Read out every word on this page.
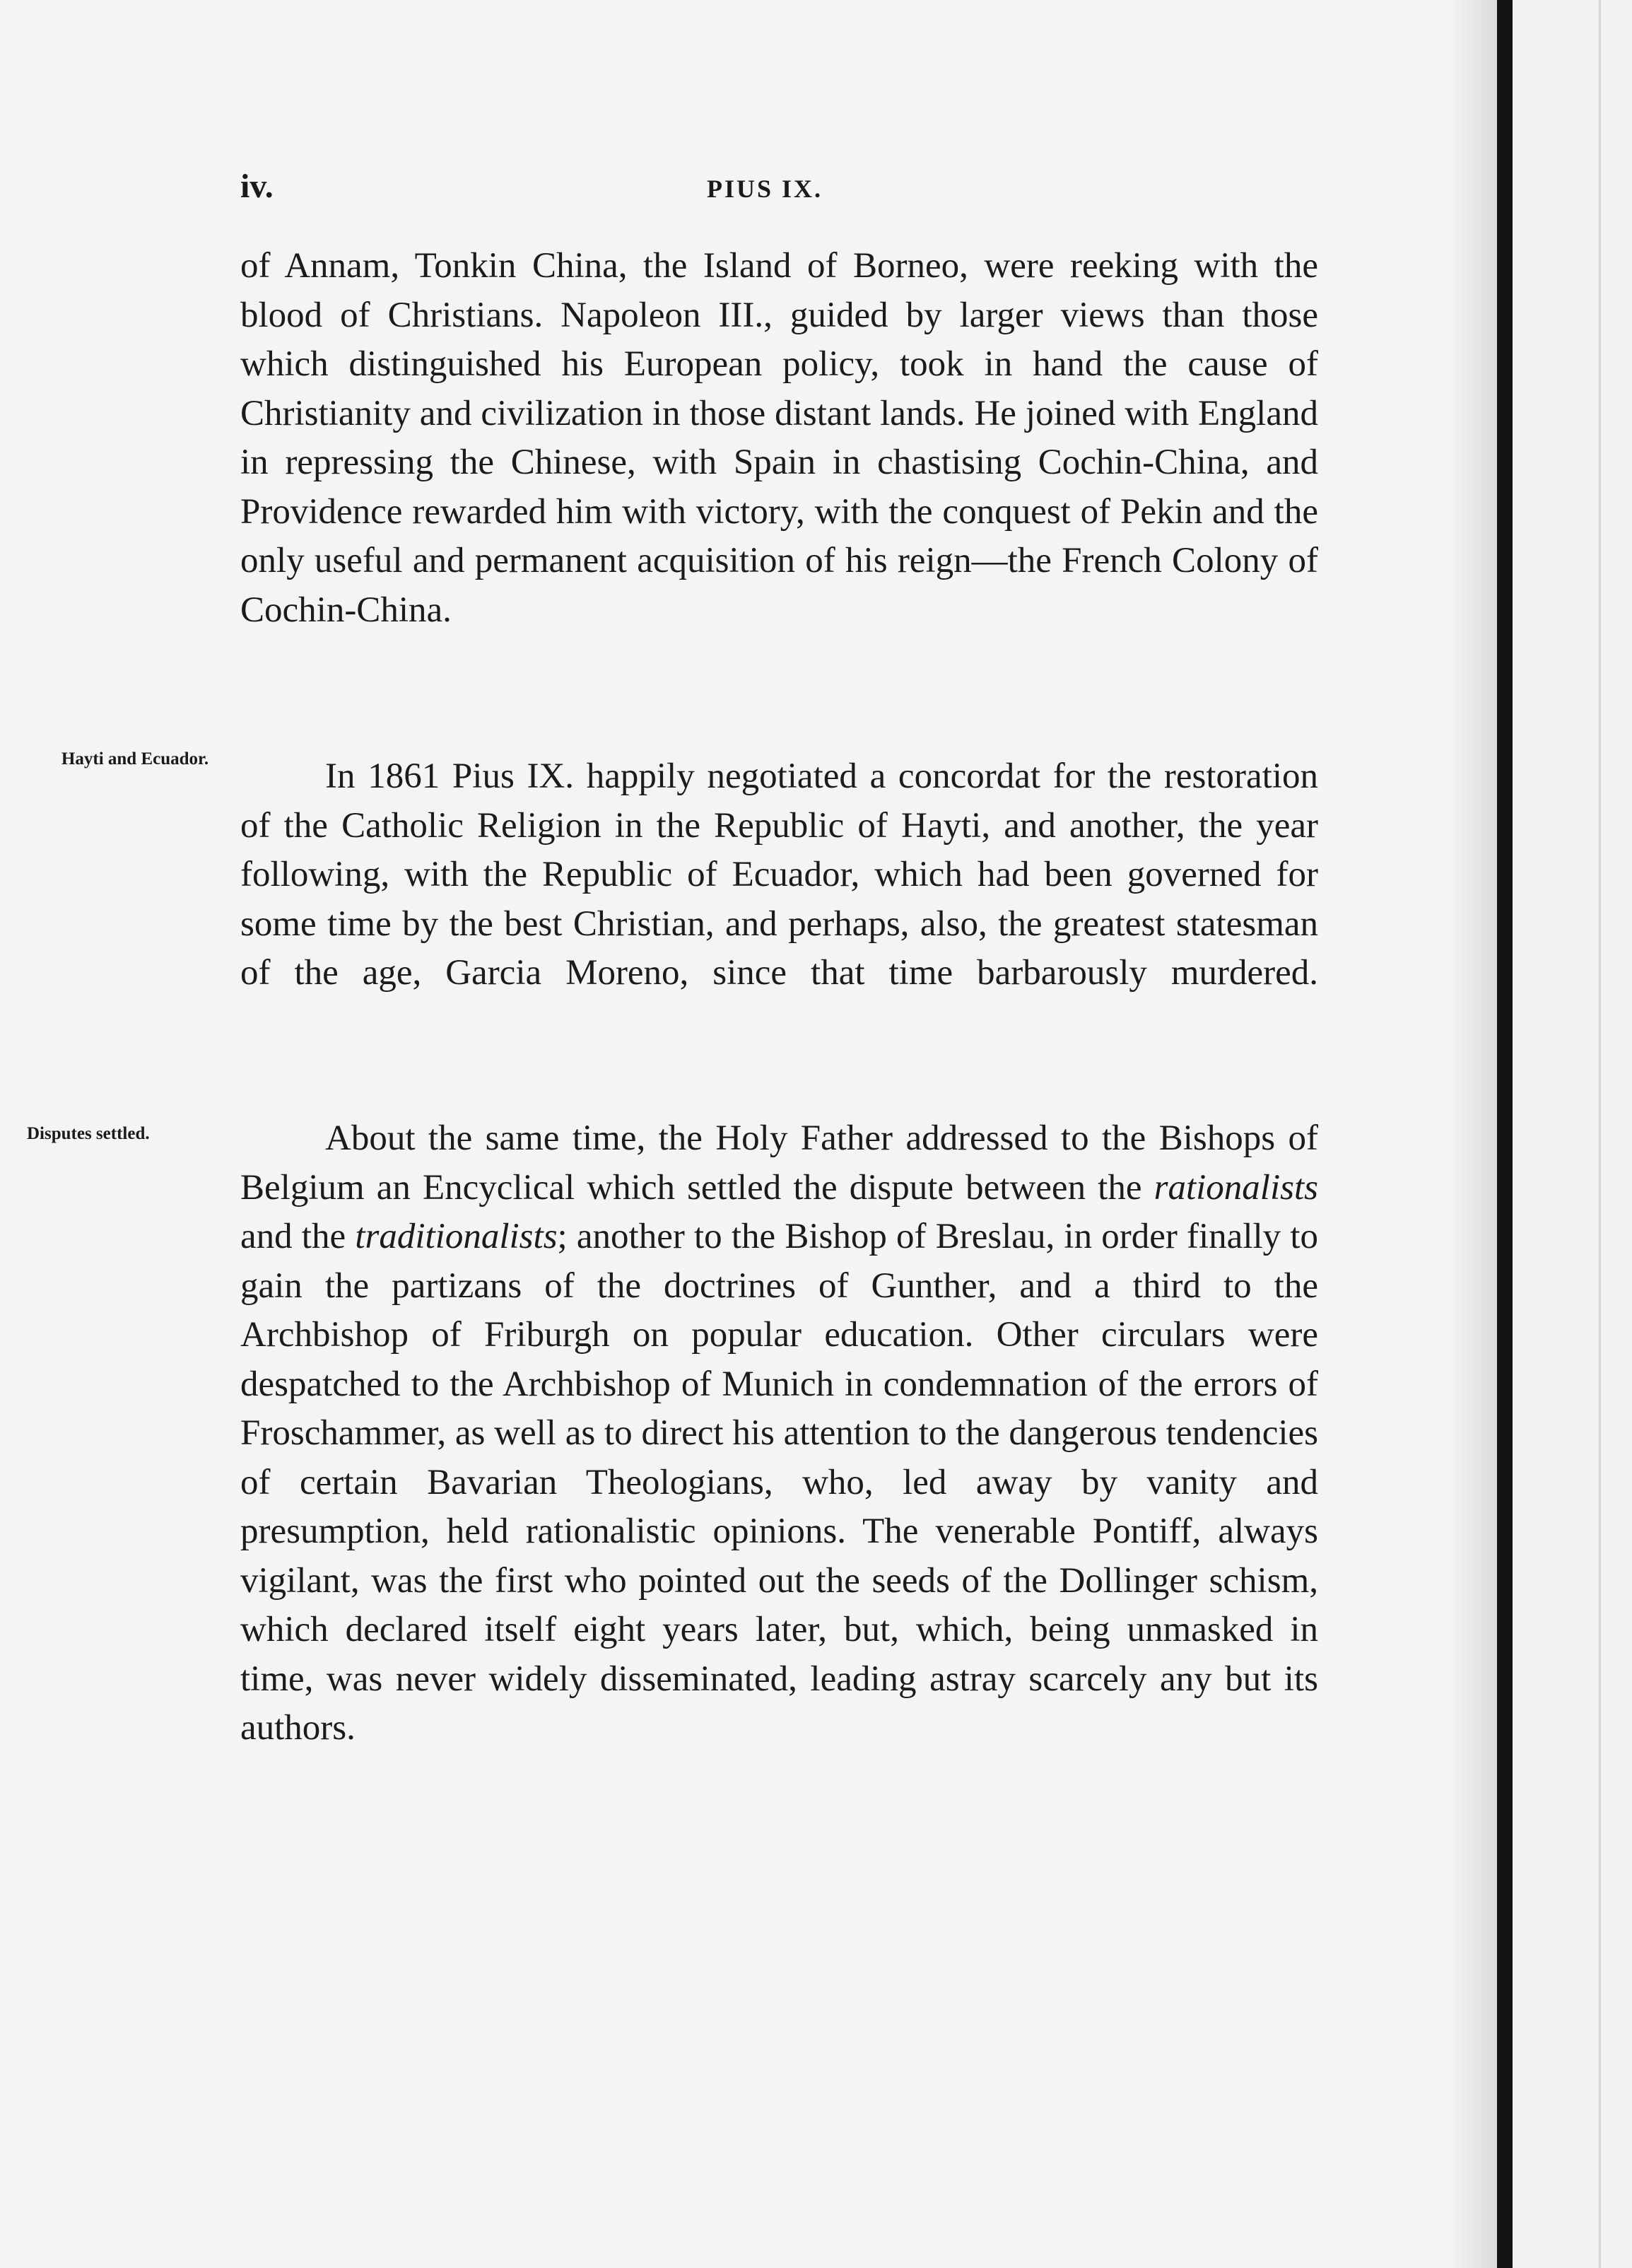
iv.	PIUS IX.

of Annam, Tonkin China, the Island of Borneo, were reeking with the blood of Christians. Napoleon III., guided by larger views than those which distinguished his European policy, took in hand the cause of Christianity and civilization in those distant lands. He joined with England in repressing the Chinese, with Spain in chastising Cochin-China, and Providence rewarded him with victory, with the conquest of Pekin and the only useful and permanent acquisition of his reign—the French Colony of Cochin-China.

Hayti and Ecuador.	In 1861 Pius IX. happily negotiated a concordat for the restoration of the Catholic Religion in the Republic of Hayti, and another, the year following, with the Republic of Ecuador, which had been governed for some time by the best Christian, and perhaps, also, the greatest statesman of the age, Garcia Moreno, since that time barbarously murdered.

Disputes settled.	About the same time, the Holy Father addressed to the Bishops of Belgium an Encyclical which settled the dispute between the rationalists and the traditionalists; another to the Bishop of Breslau, in order finally to gain the partizans of the doctrines of Gunther, and a third to the Archbishop of Friburgh on popular education. Other circulars were despatched to the Archbishop of Munich in condemnation of the errors of Froschammer, as well as to direct his attention to the dangerous tendencies of certain Bavarian Theologians, who, led away by vanity and presumption, held rationalistic opinions. The venerable Pontiff, always vigilant, was the first who pointed out the seeds of the Dollinger schism, which declared itself eight years later, but, which, being unmasked in time, was never widely disseminated, leading astray scarcely any but its authors.
